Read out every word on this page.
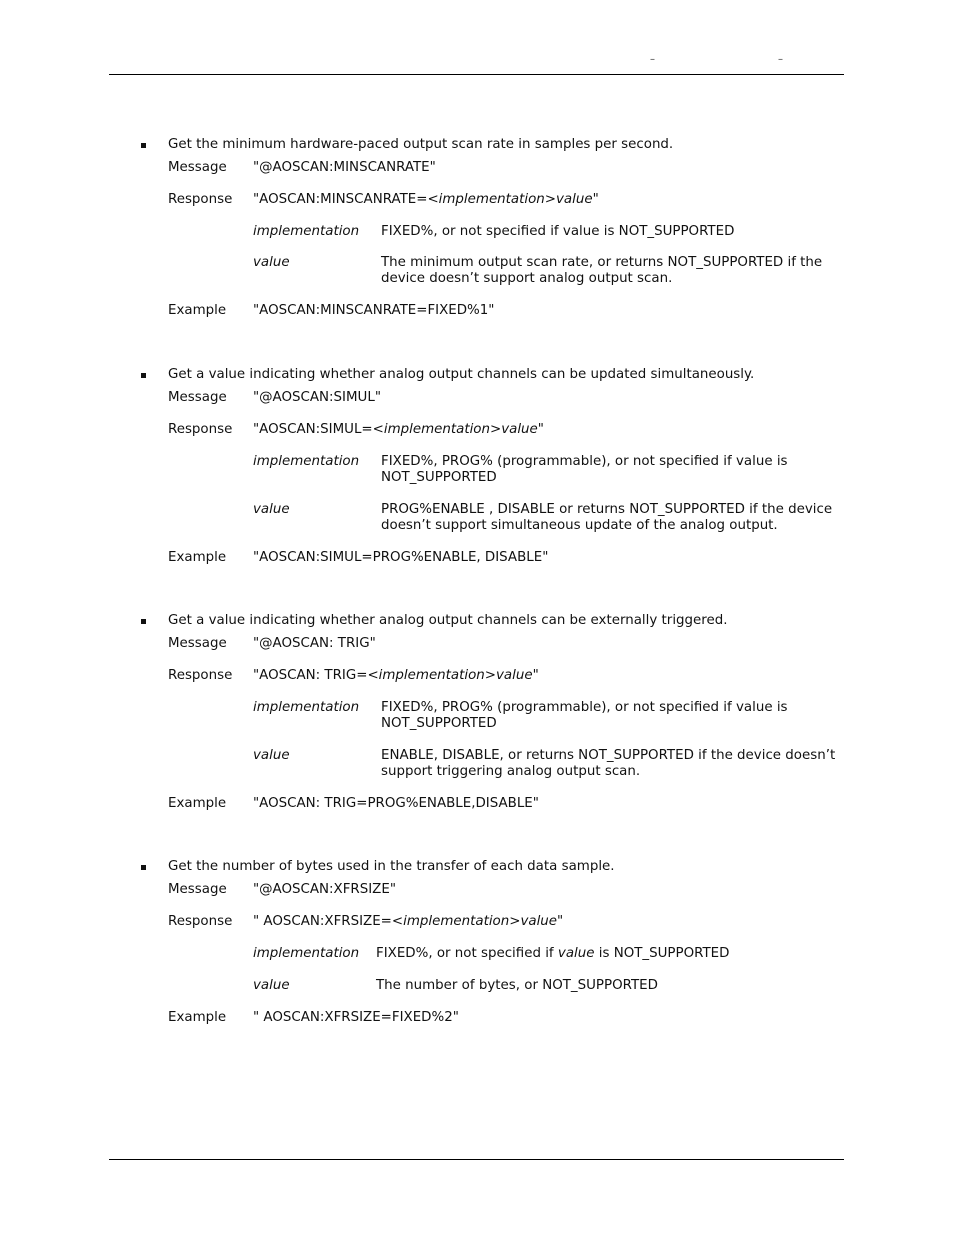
–	–
Get the minimum hardware-paced output scan rate in samples per second.
Message "@AOSCAN:MINSCANRATE"
Response "AOSCAN:MINSCANRATE=<implementation>value"
implementation FIXED%, or not specified if value is NOT_SUPPORTED
value	The minimum output scan rate, or returns NOT_SUPPORTED if the device doesn’t support analog output scan.
Example "AOSCAN:MINSCANRATE=FIXED%1"
Get a value indicating whether analog output channels can be updated simultaneously.
Message "@AOSCAN:SIMUL"
Response "AOSCAN:SIMUL=<implementation>value"
implementation FIXED%, PROG% (programmable), or not specified if value is NOT_SUPPORTED
value	PROG%ENABLE , DISABLE or returns NOT_SUPPORTED if the device doesn’t support simultaneous update of the analog output.
Example "AOSCAN:SIMUL=PROG%ENABLE, DISABLE"
Get a value indicating whether analog output channels can be externally triggered.
Message "@AOSCAN: TRIG"
Response "AOSCAN: TRIG=<implementation>value"
implementation FIXED%, PROG% (programmable), or not specified if value is NOT_SUPPORTED
value	ENABLE, DISABLE, or returns NOT_SUPPORTED if the device doesn’t support triggering analog output scan.
Example "AOSCAN: TRIG=PROG%ENABLE,DISABLE"
Get the number of bytes used in the transfer of each data sample.
Message "@AOSCAN:XFRSIZE"
Response " AOSCAN:XFRSIZE=<implementation>value"
implementation FIXED%, or not specified if value is NOT_SUPPORTED
value	The number of bytes, or NOT_SUPPORTED
Example " AOSCAN:XFRSIZE=FIXED%2"
